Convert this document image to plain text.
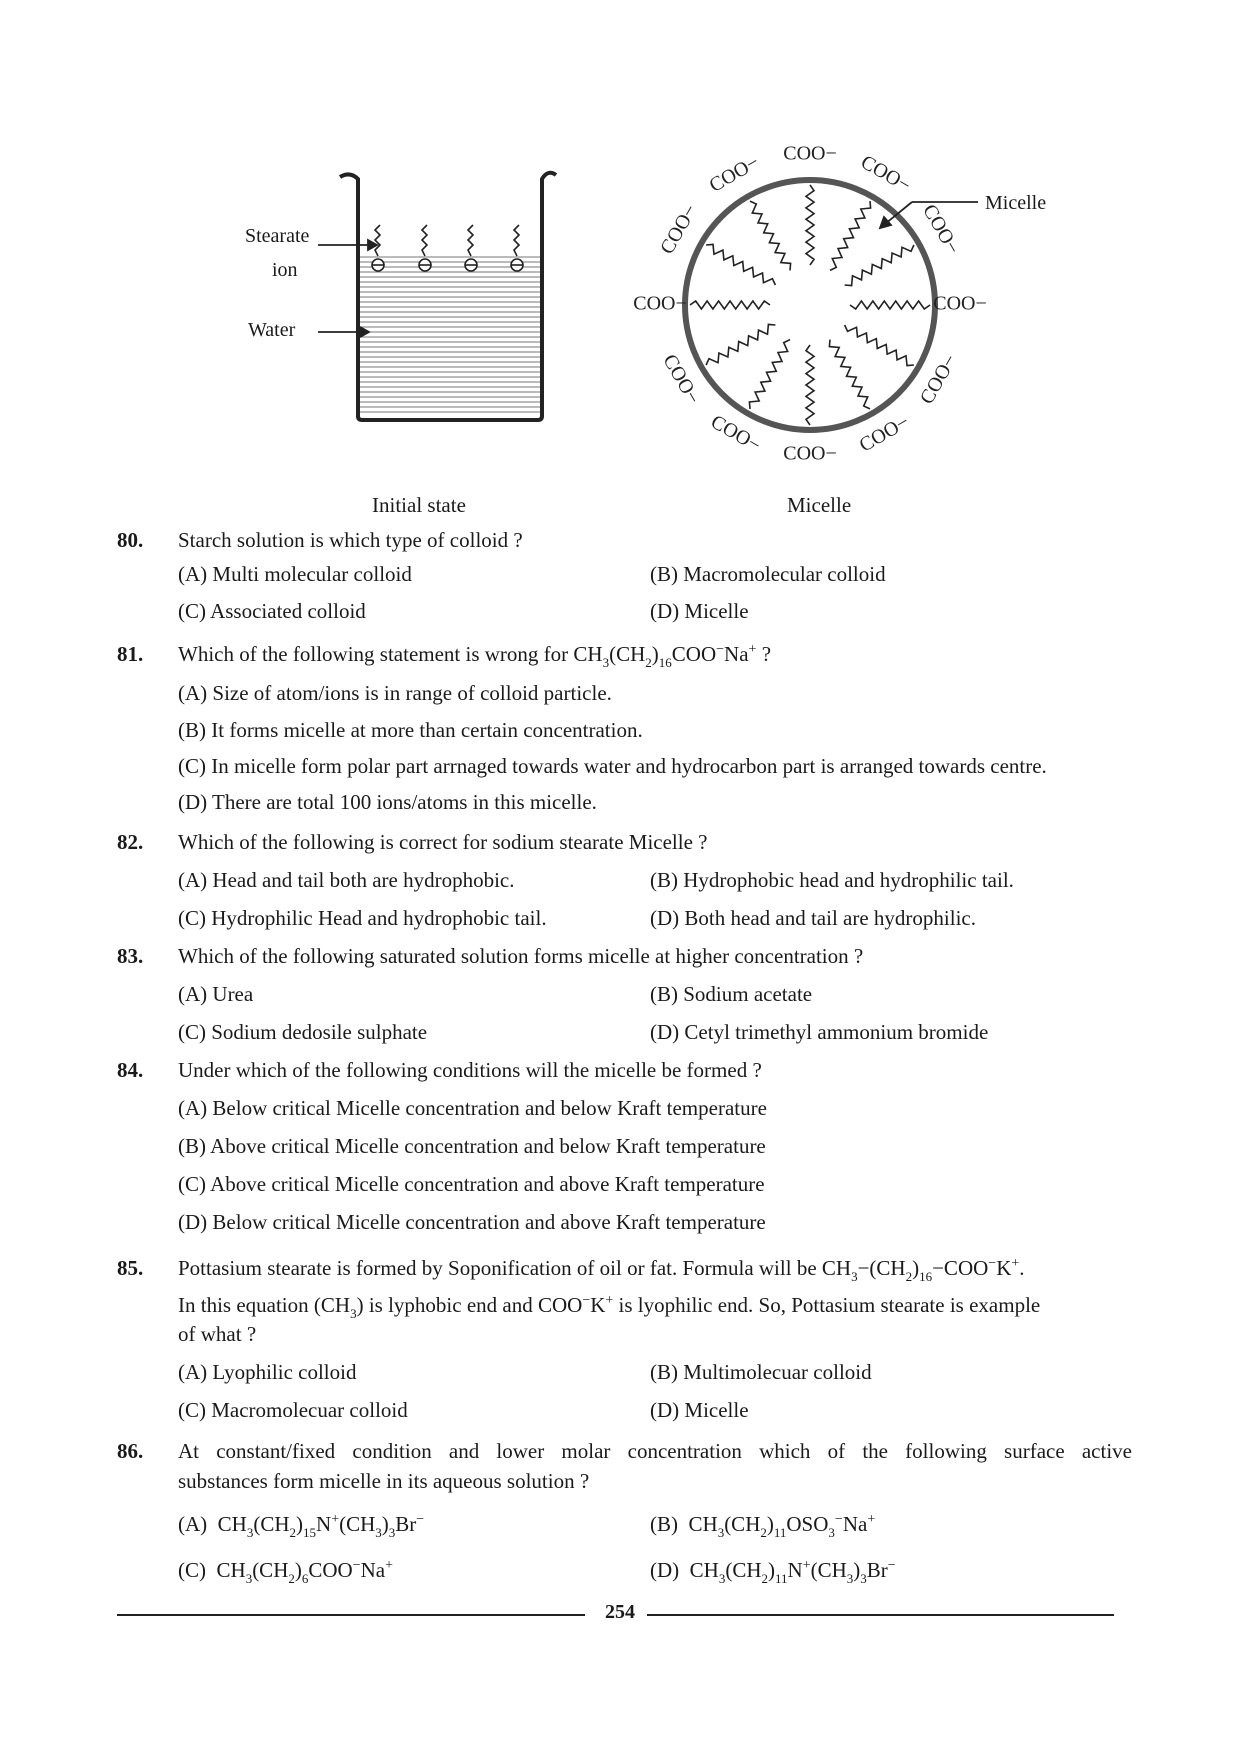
Stearate
ion
Water
COO− COO−
COO−
COO−
COO−
COO−
COO−
COO−
COO−
COO−
COO−
COO−
Micelle
Initial state	Micelle
80. Starch solution is which type of colloid ?
(A) Multi molecular colloid	(B) Macromolecular colloid
(C) Associated colloid	(D) Micelle
81. Which of the following statement is wrong for $CH_3(CH_2)_{16}COO^-Na^+$ ?
(A) Size of atom/ions is in range of colloid particle.
(B) It forms micelle at more than certain concentration.
(C) In micelle form polar part arrnaged towards water and hydrocarbon part is arranged towards centre.
(D) There are total 100 ions/atoms in this micelle.
82. Which of the following is correct for sodium stearate Micelle ?
(A) Head and tail both are hydrophobic.	(B) Hydrophobic head and hydrophilic tail.
(C) Hydrophilic Head and hydrophobic tail.	(D) Both head and tail are hydrophilic.
83. Which of the following saturated solution forms micelle at higher concentration ?
(A) Urea	(B) Sodium acetate
(C) Sodium dedosile sulphate	(D) Cetyl trimethyl ammonium bromide
84. Under which of the following conditions will the micelle be formed ?
(A) Below critical Micelle concentration and below Kraft temperature
(B) Above critical Micelle concentration and below Kraft temperature
(C) Above critical Micelle concentration and above Kraft temperature
(D) Below critical Micelle concentration and above Kraft temperature
85. Pottasium stearate is formed by Soponification of oil or fat. Formula will be $CH_3-(CH_2)_{16}-COO^-K^+$.
In this equation $(CH_3)$ is lyphobic end and COO−K+ is lyophilic end. So, Pottasium stearate is example
of what ?
(A) Lyophilic colloid	(B) Multimolecuar colloid
(C) Macromolecuar colloid	(D) Micelle
86. At constant/fixed condition and lower molar concentration which of the following surface active
substances form micelle in its aqueous solution ?
(A)  $CH_3(CH_2)_{15}N^+(CH_3)_3Br^-$	(B)  $CH_3(CH_2)_{11}OSO_3^-Na^+$
(C)  $CH_3(CH_2)_6COO^-Na^+$	(D)  $CH_3(CH_2)_{11}N^+(CH_3)_3Br^-$
254
